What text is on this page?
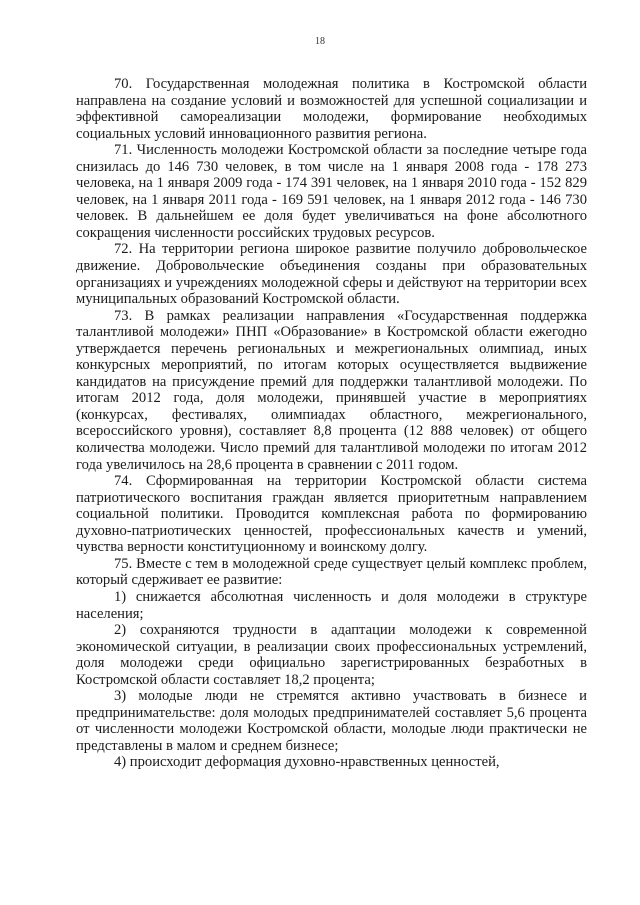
18

70. Государственная молодежная политика в Костромской области направлена на создание условий и возможностей для успешной социализации и эффективной самореализации молодежи, формирование необходимых социальных условий инновационного развития региона.

71. Численность молодежи Костромской области за последние четыре года снизилась до 146 730 человек, в том числе на 1 января 2008 года - 178 273 человека, на 1 января 2009 года - 174 391 человек, на 1 января 2010 года - 152 829 человек, на 1 января 2011 года - 169 591 человек, на 1 января 2012 года - 146 730 человек. В дальнейшем ее доля будет увеличиваться на фоне абсолютного сокращения численности российских трудовых ресурсов.

72. На территории региона широкое развитие получило добровольческое движение. Добровольческие объединения созданы при образовательных организациях и учреждениях молодежной сферы и действуют на территории всех муниципальных образований Костромской области.

73. В рамках реализации направления «Государственная поддержка талантливой молодежи» ПНП «Образование» в Костромской области ежегодно утверждается перечень региональных и межрегиональных олимпиад, иных конкурсных мероприятий, по итогам которых осуществляется выдвижение кандидатов на присуждение премий для поддержки талантливой молодежи. По итогам 2012 года, доля молодежи, принявшей участие в мероприятиях (конкурсах, фестивалях, олимпиадах областного, межрегионального, всероссийского уровня), составляет 8,8 процента (12 888 человек) от общего количества молодежи. Число премий для талантливой молодежи по итогам 2012 года увеличилось на 28,6 процента в сравнении с 2011 годом.

74. Сформированная на территории Костромской области система патриотического воспитания граждан является приоритетным направлением социальной политики. Проводится комплексная работа по формированию духовно-патриотических ценностей, профессиональных качеств и умений, чувства верности конституционному и воинскому долгу.

75. Вместе с тем в молодежной среде существует целый комплекс проблем, который сдерживает ее развитие:

1) снижается абсолютная численность и доля молодежи в структуре населения;

2) сохраняются трудности в адаптации молодежи к современной экономической ситуации, в реализации своих профессиональных устремлений, доля молодежи среди официально зарегистрированных безработных в Костромской области составляет 18,2 процента;

3) молодые люди не стремятся активно участвовать в бизнесе и предпринимательстве: доля молодых предпринимателей составляет 5,6 процента от численности молодежи Костромской области, молодые люди практически не представлены в малом и среднем бизнесе;

4) происходит деформация духовно-нравственных ценностей,
